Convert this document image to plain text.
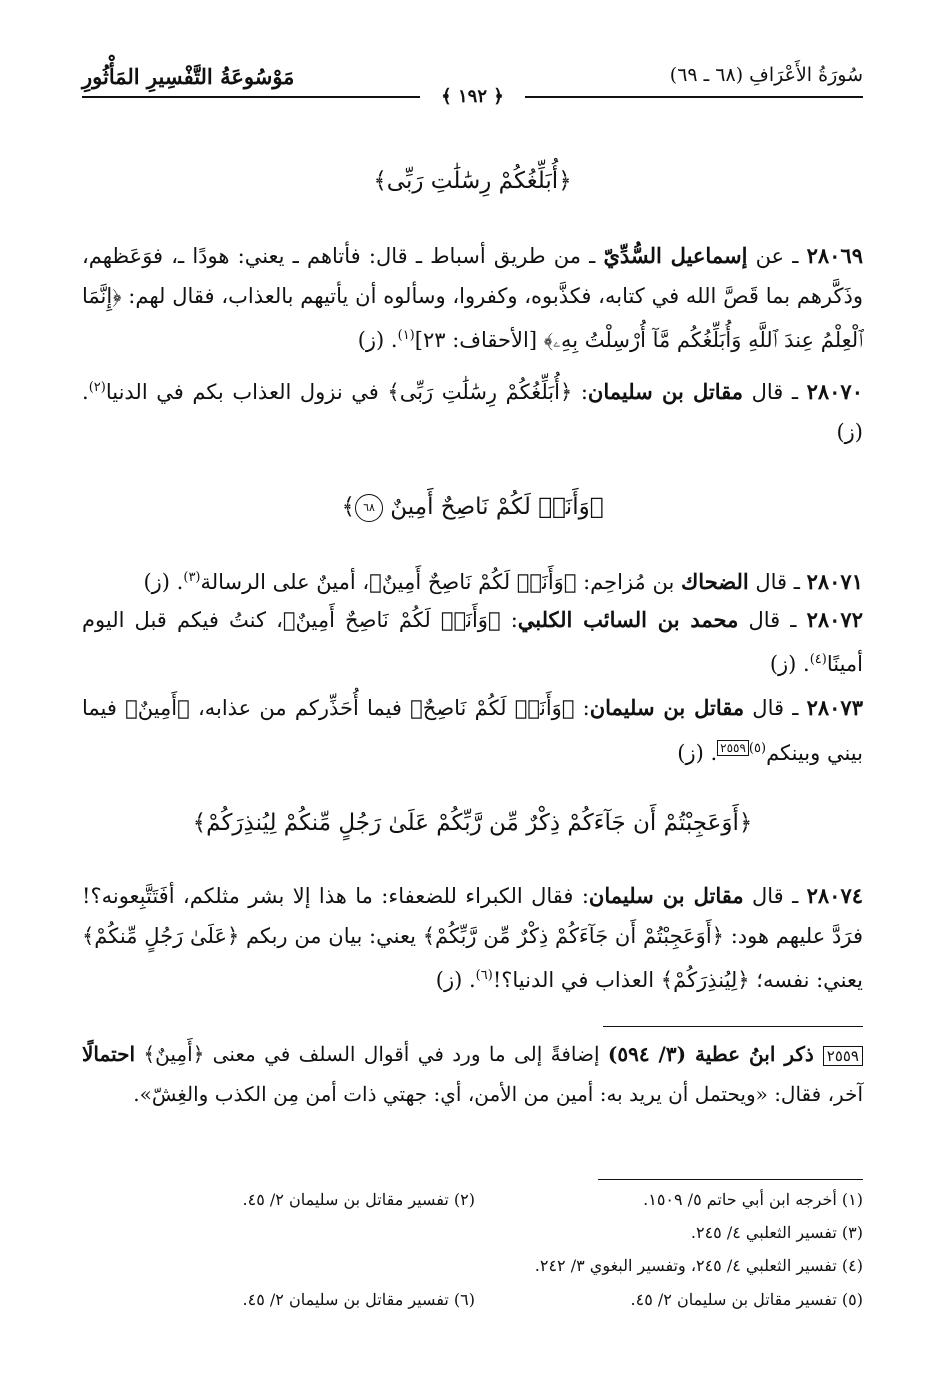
مَوْسُوعَةُ التَّفْسِيرِ المَأْثُورِ	سُورَةُ الأَعْرَافِ (٦٨ ـ ٦٩)
﴿ ١٩٢ ﴾
﴿أُبَلِّغُكُمْ رِسَٰلَٰتِ رَبِّى﴾
٢٨٠٦٩ ـ عن إسماعيل السُّدِّيّ ـ من طريق أسباط ـ قال: فأتاهم ـ يعني: هودًا ـ، فوَعَظهم، وذَكَّرهم بما قَصَّ الله في كتابه، فكذَّبوه، وكفروا، وسألوه أن يأتيهم بالعذاب، فقال لهم: ﴿إِنَّمَا ٱلْعِلْمُ عِندَ ٱللَّهِ وَأُبَلِّغُكُم مَّآ أُرْسِلْتُ بِهِۦ﴾ [الأحقاف: ٢٣]$^{(١)}$. (ز)
٢٨٠٧٠ ـ قال مقاتل بن سليمان: ﴿أُبَلِّغُكُمْ رِسَٰلَٰتِ رَبِّى﴾ في نزول العذاب بكم في الدنيا$^{(٢)}$. (ز)
﴿وَأَنَا۠ لَكُمْ نَاصِحٌ أَمِينٌ ٦٨﴾
٢٨٠٧١ ـ قال الضحاك بن مُزاحِم: ﴿وَأَنَا۠ لَكُمْ نَاصِحٌ أَمِينٌ﴾، أمينٌ على الرسالة$^{(٣)}$. (ز)
٢٨٠٧٢ ـ قال محمد بن السائب الكلبي: ﴿وَأَنَا۠ لَكُمْ نَاصِحٌ أَمِينٌ﴾، كنتُ فيكم قبل اليوم أمينًا$^{(٤)}$. (ز)
٢٨٠٧٣ ـ قال مقاتل بن سليمان: ﴿وَأَنَا۠ لَكُمْ نَاصِحٌ﴾ فيما أُحَذِّركم من عذابه، ﴿أَمِينٌ﴾ فيما بيني وبينكم$^{(٥)٢٥٥٩}$. (ز)
﴿أَوَعَجِبْتُمْ أَن جَآءَكُمْ ذِكْرٌ مِّن رَّبِّكُمْ عَلَىٰ رَجُلٍ مِّنكُمْ لِيُنذِرَكُمْ﴾
٢٨٠٧٤ ـ قال مقاتل بن سليمان: فقال الكبراء للضعفاء: ما هذا إلا بشر مثلكم، أفَتَتَّبِعونه؟! فرَدَّ عليهم هود: ﴿أَوَعَجِبْتُمْ أَن جَآءَكُمْ ذِكْرٌ مِّن رَّبِّكُمْ﴾ يعني: بيان من ربكم ﴿عَلَىٰ رَجُلٍ مِّنكُمْ﴾ يعني: نفسه؛ ﴿لِيُنذِرَكُمْ﴾ العذاب في الدنيا؟!$^{(٦)}$. (ز)
٢٥٥٩ ذكر ابنُ عطية (٣/ ٥٩٤) إضافةً إلى ما ورد في أقوال السلف في معنى ﴿أَمِينٌ﴾ احتمالًا آخر، فقال: «ويحتمل أن يريد به: أمين من الأمن، أي: جهتي ذات أمن مِن الكذب والغِشّ».
(١) أخرجه ابن أبي حاتم ٥/ ١٥٠٩.
(٢) تفسير مقاتل بن سليمان ٢/ ٤٥.
(٣) تفسير الثعلبي ٤/ ٢٤٥.
(٤) تفسير الثعلبي ٤/ ٢٤٥، وتفسير البغوي ٣/ ٢٤٢.
(٥) تفسير مقاتل بن سليمان ٢/ ٤٥.
(٦) تفسير مقاتل بن سليمان ٢/ ٤٥.
